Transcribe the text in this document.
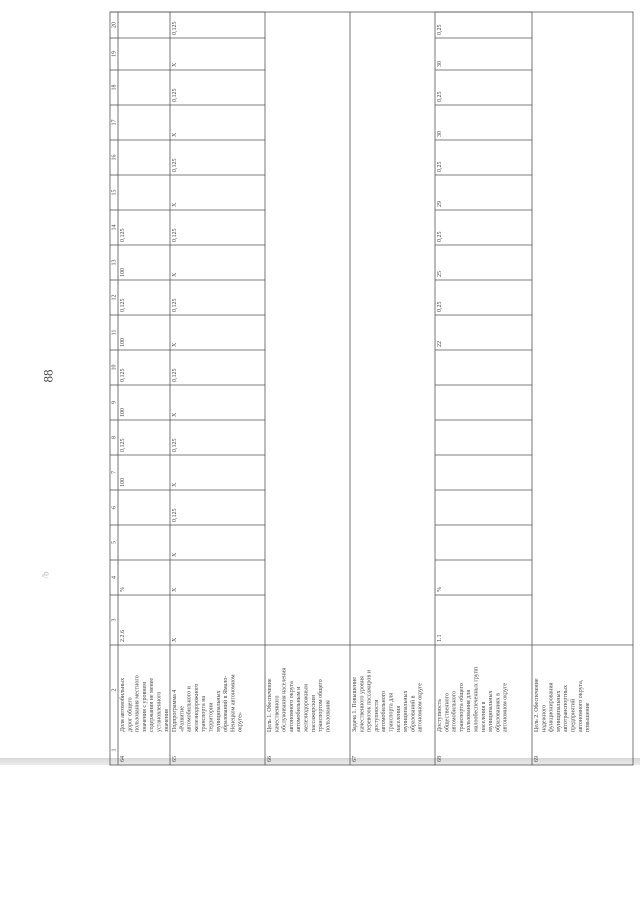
88
/b
1
2
3
4
5
6
7
8
9
10
11
12
13
14
15
16
17
18
19
20
64
Доля автомобильных дорог общего пользования местного значения с уровнем содержания не менее установленного значения
2.2.6
%
100
0,125
100
0,125
100
0,125
100
0,125
65
Подпрограмма 4 «Развитие автомобильного и железнодорожного транспорта на территории муниципальных образований в Ямало- Ненецком автономном округе»
X
X
X
0,125
X
0,125
X
0,125
X
0,125
X
0,125
X
0,125
X
0,125
X
0,125
66
Цель 1. Обеспечение качественного обслуживания населения автономного округа автомобильным и железнодорожным пассажирским транспортом общего пользования
67
Задача 1. Повышение качественного уровня перевозок пассажиров и доступности автомобильного транспорта для населения муниципальных образований в автономном округе
68
Доступность общественного автомобильного транспорта общего пользования для малообеспеченных групп населения в муниципальных образованиях в автономном округе
1.1
%
22
0,25
25
0,25
29
0,25
30
0,25
30
0,25
69
Цель 2. Обеспечение надежного функционирования муниципальных автотранспортных предприятий автономного округа, повышение
